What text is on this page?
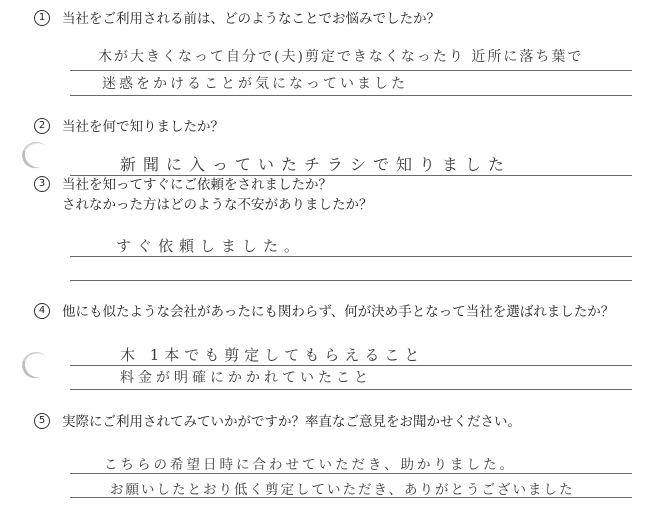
1	当社をご利用される前は、どのようなことでお悩みでしたか？
木が大きくなって自分で(夫)剪定できなくなったり 近所に落ち葉で
迷惑をかけることが気になっていました
2	当社を何で知りましたか？
新聞に入っていたチラシで知りました
3	当社を知ってすぐにご依頼をされましたか？
されなかった方はどのような不安がありましたか？
すぐ依頼しました。
4	他にも似たような会社があったにも関わらず、何が決め手となって当社を選ばれましたか？
木 1本でも剪定してもらえること
料金が明確にかかれていたこと
5	実際にご利用されてみていかがですか？率直なご意見をお聞かせください。
こちらの希望日時に合わせていただき、助かりました。
お願いしたとおり低く剪定していただき、ありがとうございました
